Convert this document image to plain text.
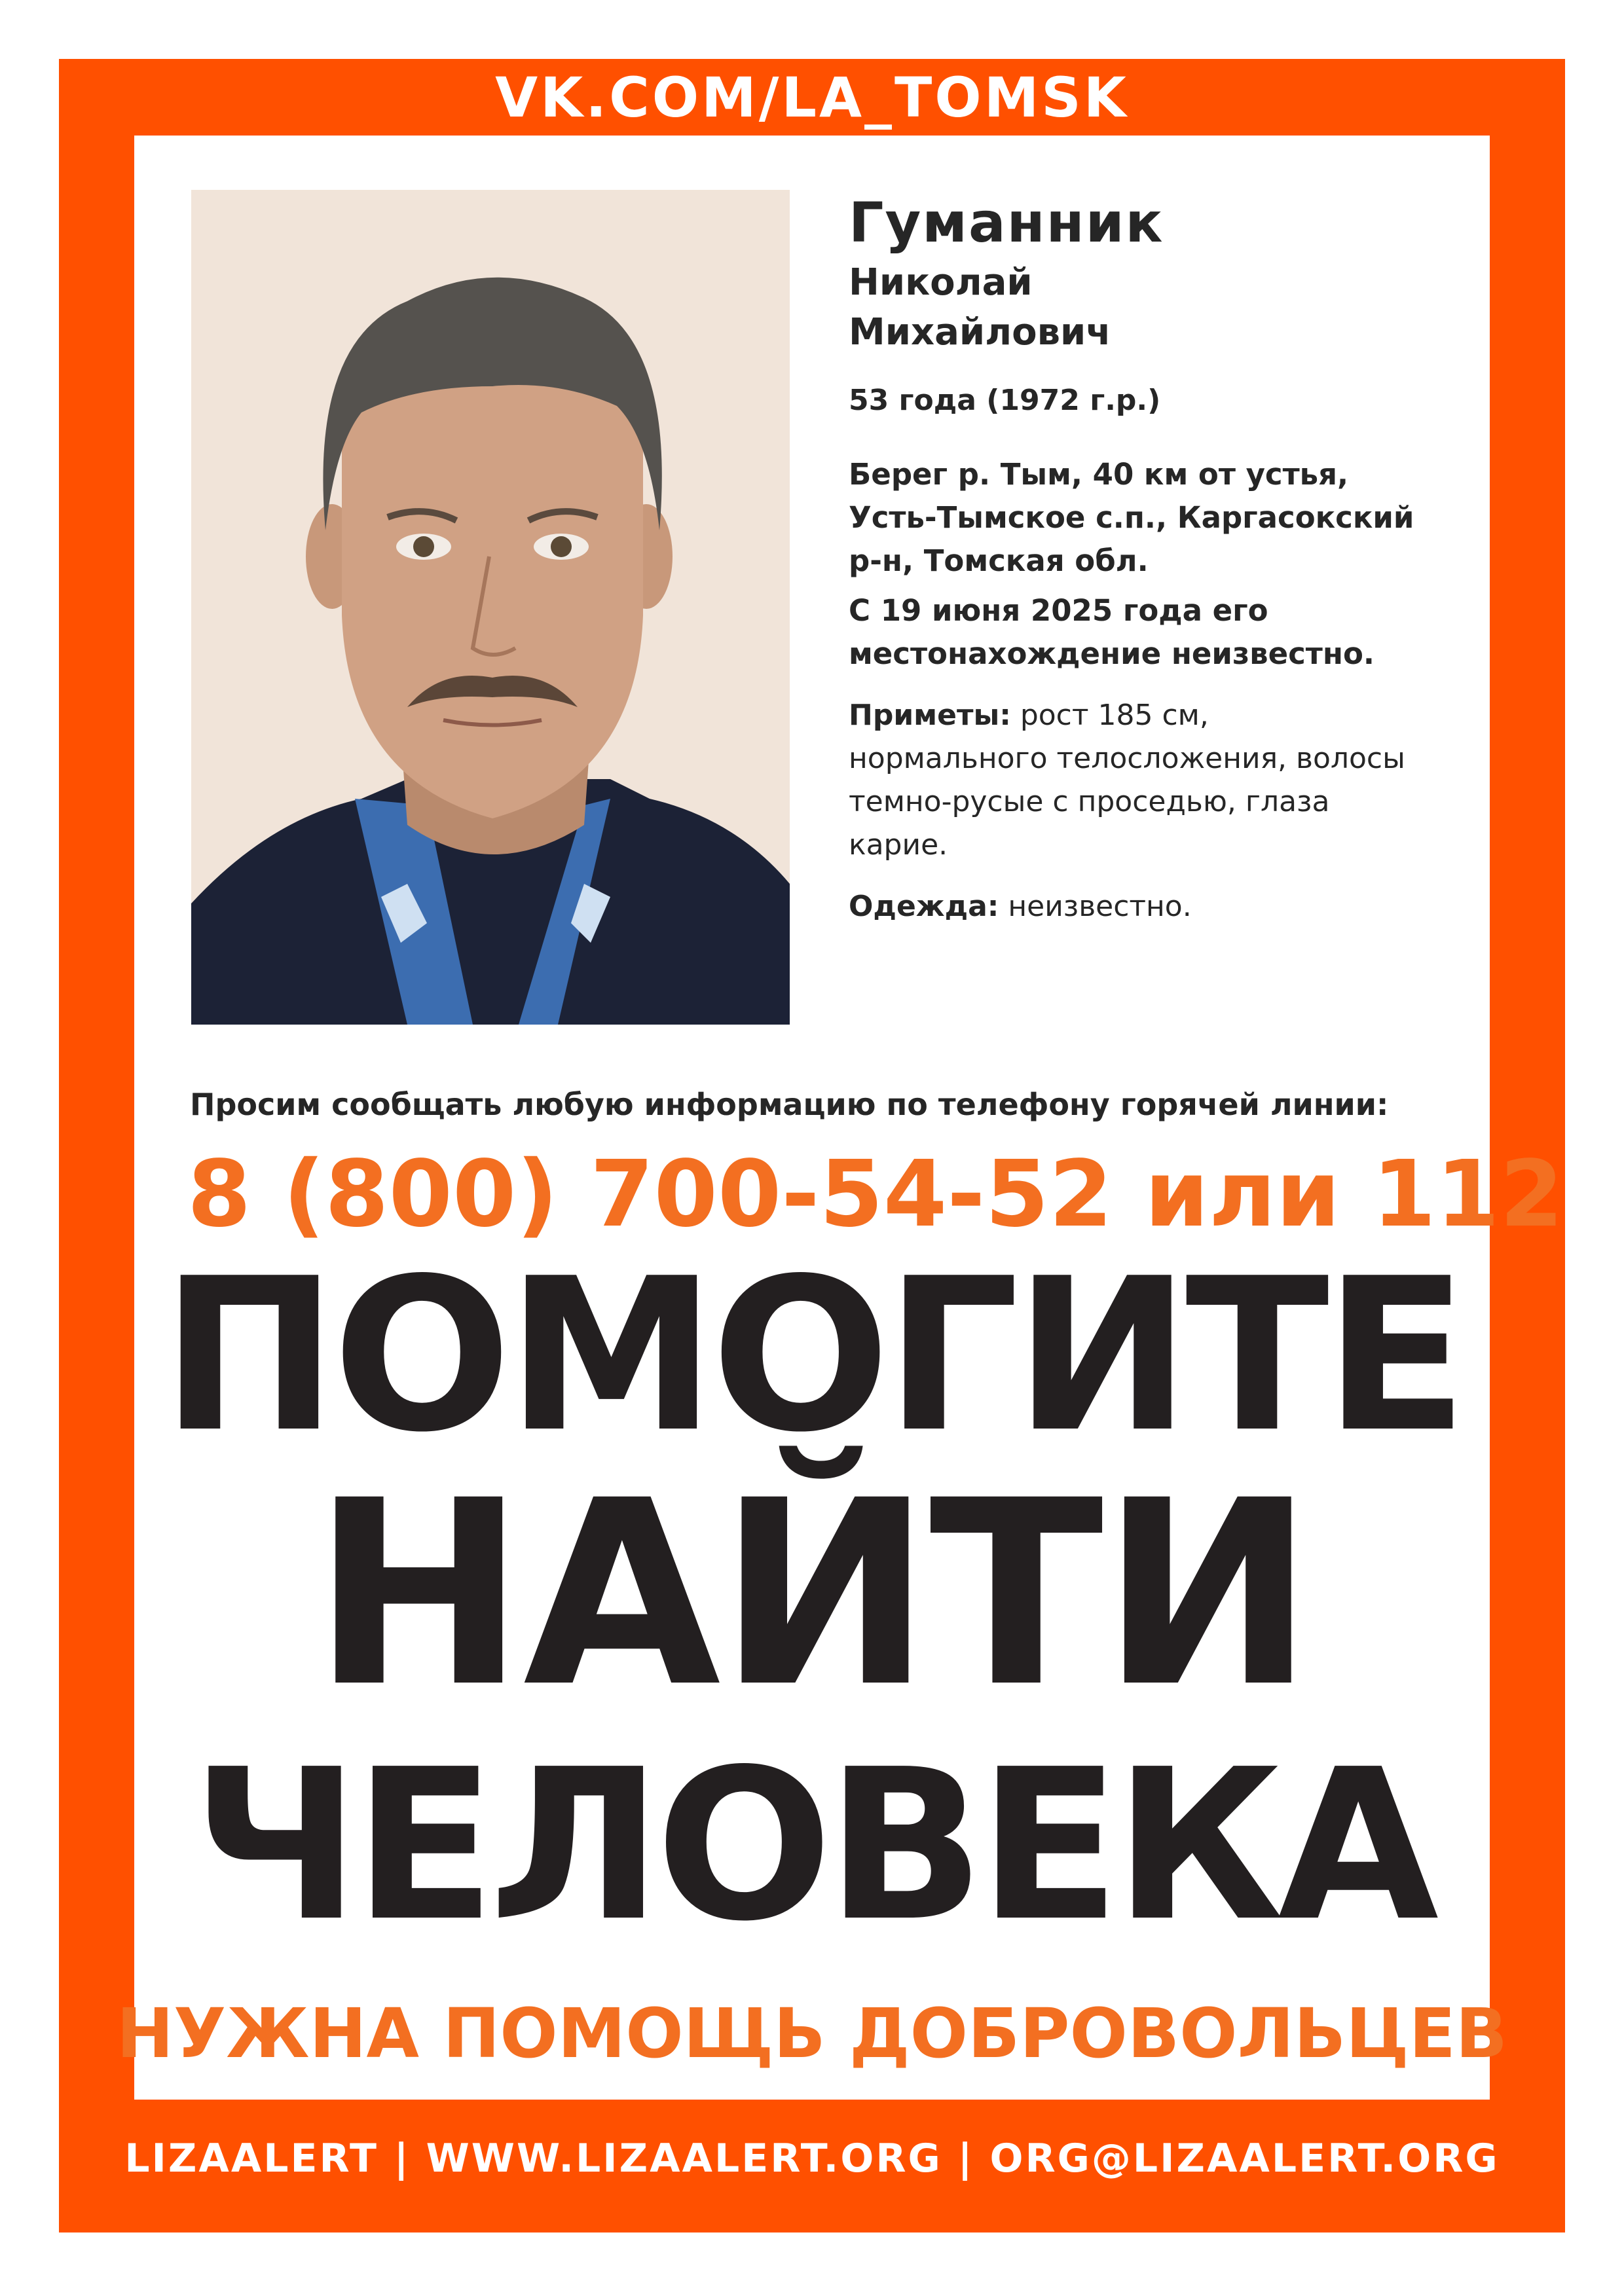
VK.COM/LA_TOMSK
Гуманник
Николай
Михайлович
53 года (1972 г.р.)
Берег р. Тым, 40 км от устья,
Усть-Тымское с.п., Каргасокский
р-н, Томская обл.
С 19 июня 2025 года его
местонахождение неизвестно.
Приметы: рост 185 см,
нормального телосложения, волосы
темно-русые с проседью, глаза
карие.
Одежда: неизвестно.
Просим сообщать любую информацию по телефону горячей линии:
8 (800) 700-54-52 или 112
ПОМОГИТЕ
НАЙТИ
ЧЕЛОВЕКА
НУЖНА ПОМОЩЬ ДОБРОВОЛЬЦЕВ
LIZAALERT | WWW.LIZAALERT.ORG | ORG@LIZAALERT.ORG
